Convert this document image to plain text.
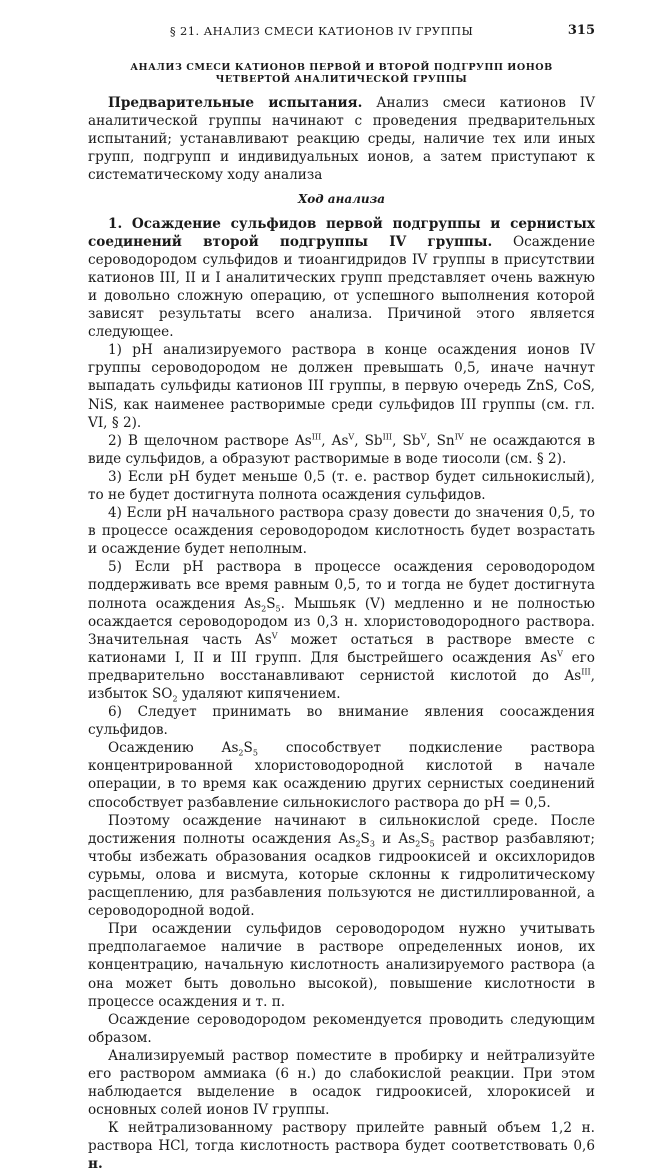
§ 21. АНАЛИЗ СМЕСИ КАТИОНОВ IV ГРУППЫ	315
АНАЛИЗ СМЕСИ КАТИОНОВ ПЕРВОЙ И ВТОРОЙ ПОДГРУПП ИОНОВ
ЧЕТВЕРТОЙ АНАЛИТИЧЕСКОЙ ГРУППЫ

Предварительные испытания. Анализ смеси катионов IV аналитической группы начинают с проведения предварительных испытаний; устанавливают реакцию среды, наличие тех или иных групп, подгрупп и индивидуальных ионов, а затем приступают к систематическому ходу анализа

Ход анализа

1. Осаждение сульфидов первой подгруппы и сернистых соединений второй подгруппы IV группы. Осаждение сероводородом сульфидов и тиоангидридов IV группы в присутствии катионов III, II и I аналитических групп представляет очень важную и довольно сложную операцию, от успешного выполнения которой зависят результаты всего анализа. Причиной этого является следующее.

1) pH анализируемого раствора в конце осаждения ионов IV группы сероводородом не должен превышать 0,5, иначе начнут выпадать сульфиды катионов III группы, в первую очередь ZnS, CoS, NiS, как наименее растворимые среди сульфидов III группы (см. гл. VI, § 2).

2) В щелочном растворе $As^{III}$, $As^V$, $Sb^{III}$, $Sb^V$, $Sn^{IV}$ не осаждаются в виде сульфидов, а образуют растворимые в воде тиосоли (см. § 2).

3) Если pH будет меньше 0,5 (т. е. раствор будет сильнокислый), то не будет достигнута полнота осаждения сульфидов.

4) Если pH начального раствора сразу довести до значения 0,5, то в процессе осаждения сероводородом кислотность будет возрастать и осаждение будет неполным.

5) Если pH раствора в процессе осаждения сероводородом поддерживать все время равным 0,5, то и тогда не будет достигнута полнота осаждения $As_2S_5$. Мышьяк (V) медленно и не полностью осаждается сероводородом из 0,3 н. хлористоводородного раствора. Значительная часть $As^V$ может остаться в растворе вместе с катионами I, II и III групп. Для быстрейшего осаждения $As^V$ его предварительно восстанавливают сернистой кислотой до $As^{III}$, избыток $SO_2$ удаляют кипячением.

6) Следует принимать во внимание явления соосаждения сульфидов.

Осаждению $As_2S_5$ способствует подкисление раствора концентрированной хлористоводородной кислотой в начале операции, в то время как осаждению других сернистых соединений способствует разбавление сильнокислого раствора до pH = 0,5.

Поэтому осаждение начинают в сильнокислой среде. После достижения полноты осаждения $As_2S_3$ и $As_2S_5$ раствор разбавляют; чтобы избежать образования осадков гидроокисей и оксихлоридов сурьмы, олова и висмута, которые склонны к гидролитическому расщеплению, для разбавления пользуются не дистиллированной, а сероводородной водой.

При осаждении сульфидов сероводородом нужно учитывать предполагаемое наличие в растворе определенных ионов, их концентрацию, начальную кислотность анализируемого раствора (а она может быть довольно высокой), повышение кислотности в процессе осаждения и т. п.

Осаждение сероводородом рекомендуется проводить следующим образом.

Анализируемый раствор поместите в пробирку и нейтрализуйте его раствором аммиака (6 н.) до слабокислой реакции. При этом наблюдается выделение в осадок гидроокисей, хлорокисей и основных солей ионов IV группы.

К нейтрализованному раствору прилейте равный объем 1,2 н. раствора HCl, тогда кислотность раствора будет соответствовать 0,6 н.
